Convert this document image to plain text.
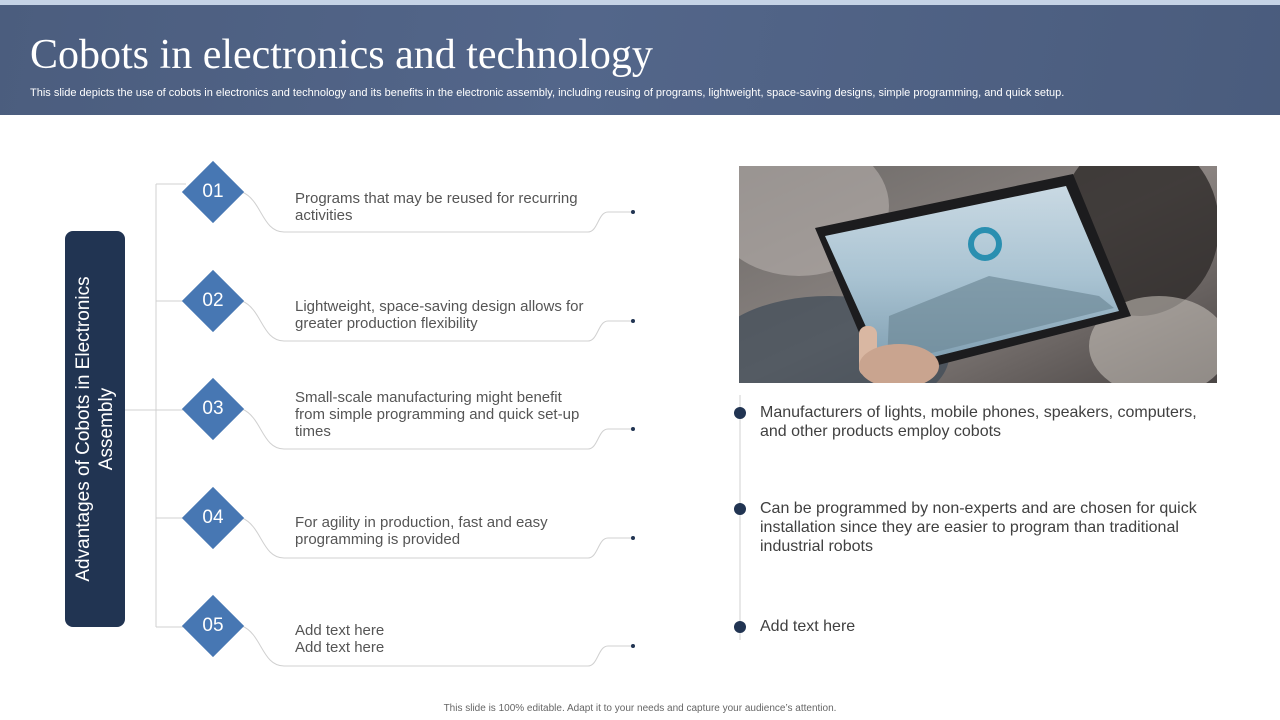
Cobots in electronics and technology
This slide depicts the use of cobots in electronics and technology and its benefits in the electronic assembly, including reusing of programs, lightweight, space-saving designs, simple programming, and quick setup.
Advantages of Cobots in Electronics Assembly
01	Programs that may be reused for recurring activities
02	Lightweight, space-saving design allows for greater production flexibility
03
Small-scale manufacturing might benefit from simple programming and quick set-up times
04	For agility in production, fast and easy programming is provided
05	Add text here Add text here
Manufacturers of lights, mobile phones, speakers, computers, and other products employ cobots
Can be programmed by non-experts and are chosen for quick installation since they are easier to program than traditional industrial robots
Add text here
This slide is 100% editable. Adapt it to your needs and capture your audience’s attention.
